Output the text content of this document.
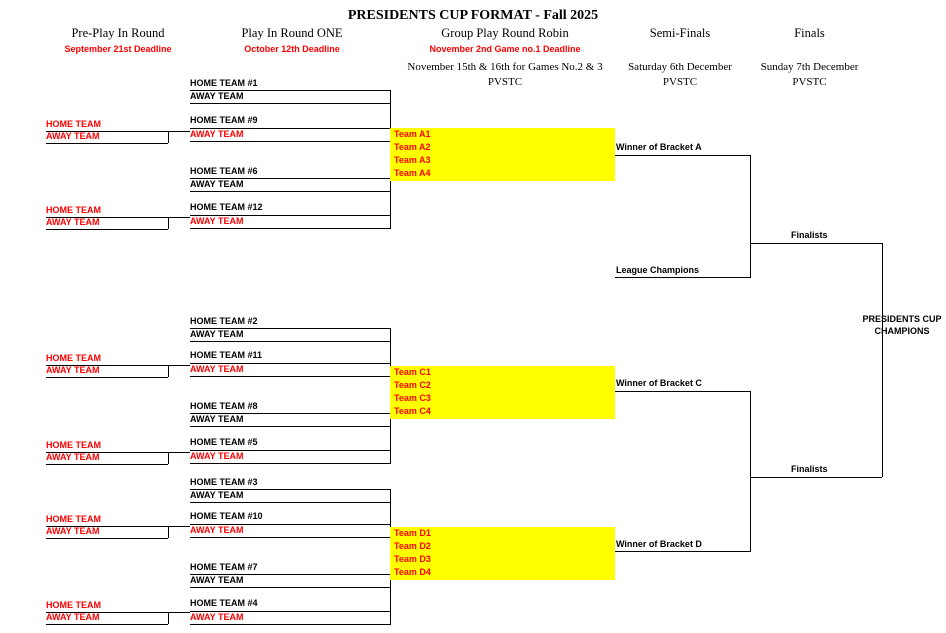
PRESIDENTS CUP FORMAT - Fall 2025
Pre-Play In Round
September 21st Deadline
Play In Round ONE
October 12th Deadline
Group Play Round Robin
November 2nd Game no.1 Deadline
November 15th & 16th for Games No.2 & 3
PVSTC
Semi-Finals
Saturday 6th December
PVSTC
Finals
Sunday 7th December
PVSTC
HOME TEAM
AWAY TEAM
HOME TEAM
AWAY TEAM
HOME TEAM
AWAY TEAM
HOME TEAM
AWAY TEAM
HOME TEAM
AWAY TEAM
HOME TEAM
AWAY TEAM
HOME TEAM #1
AWAY TEAM
HOME TEAM #9
AWAY TEAM
HOME TEAM #6
AWAY TEAM
HOME TEAM #12
AWAY TEAM
HOME TEAM #2
AWAY TEAM
HOME TEAM #11
AWAY TEAM
HOME TEAM #8
AWAY TEAM
HOME TEAM #5
AWAY TEAM
HOME TEAM #3
AWAY TEAM
HOME TEAM #10
AWAY TEAM
HOME TEAM #7
AWAY TEAM
HOME TEAM #4
AWAY TEAM
Team A1
Team A2
Team A3
Team A4
Team C1
Team C2
Team C3
Team C4
Team D1
Team D2
Team D3
Team D4
Winner of Bracket A
League Champions
Winner of Bracket C
Winner of Bracket D
Finalists
Finalists
PRESIDENTS CUP
CHAMPIONS
